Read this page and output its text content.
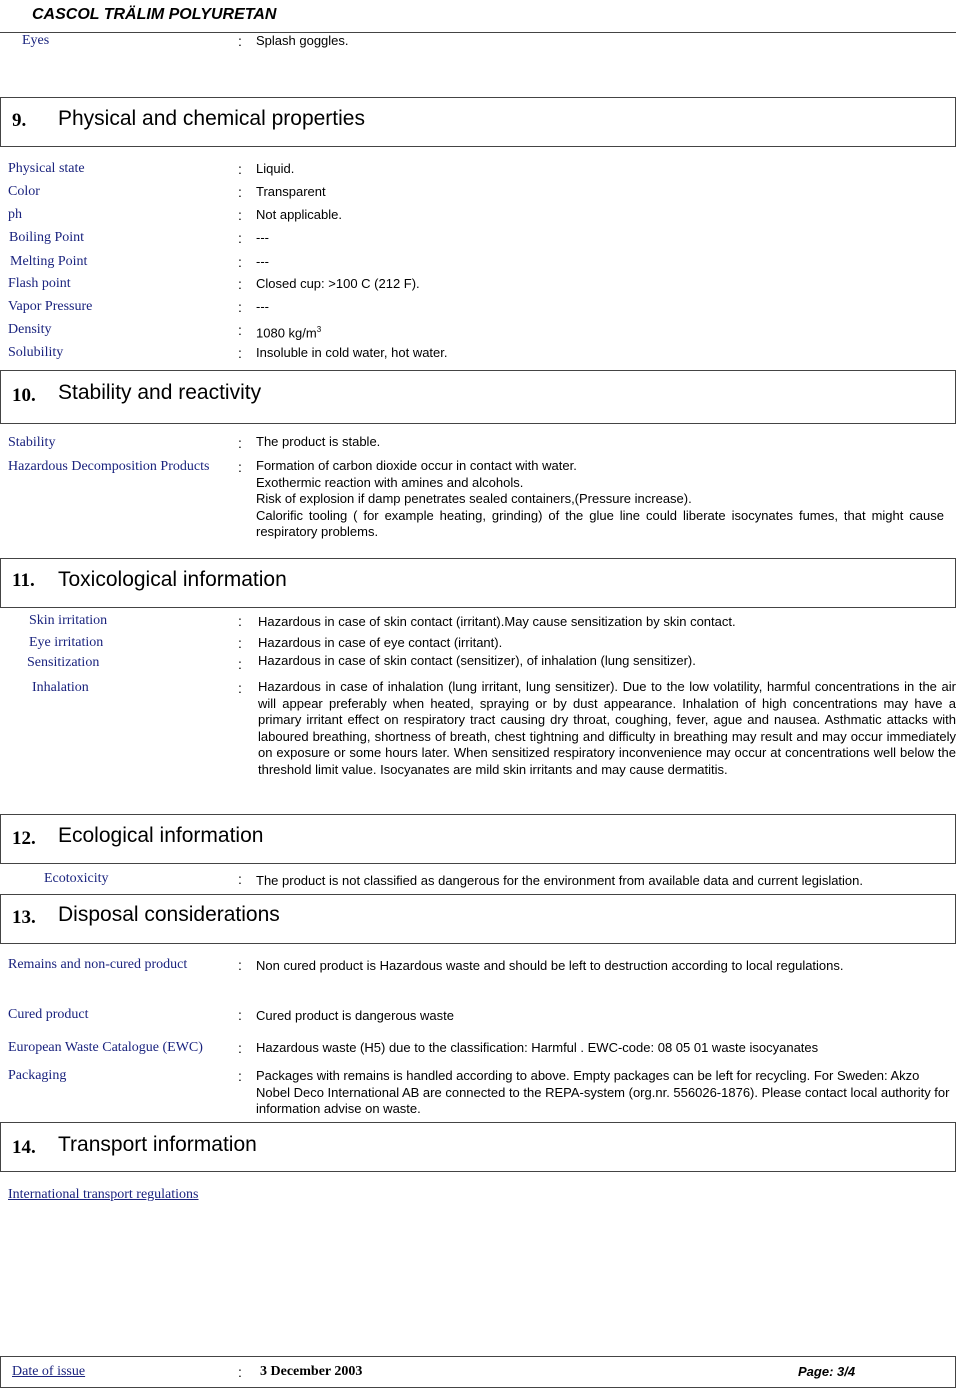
CASCOL TRÄLIM POLYURETAN
Eyes	: Splash goggles.
9. Physical and chemical properties
Physical state	: Liquid.
Color	: Transparent
ph	: Not applicable.
Boiling Point	: ---
Melting Point	: ---
Flash point	: Closed cup: >100 C (212 F).
Vapor Pressure	: ---
Density	: 1080 $kg/m^3$
Solubility	: Insoluble in cold water, hot water.
10. Stability and reactivity
Stability	: The product is stable.
Hazardous Decomposition Products : Formation of carbon dioxide occur in contact with water.
Exothermic reaction with amines and alcohols.
Risk of explosion if damp penetrates sealed containers,(Pressure increase).
Calorific tooling ( for example heating, grinding) of the glue line could liberate isocynates fumes, that might cause respiratory problems.
11. Toxicological information
Skin irritation	: Hazardous in case of skin contact (irritant).May cause sensitization by skin contact.
Eye irritation	: Hazardous in case of eye contact (irritant).
Sensitization	: Hazardous in case of skin contact (sensitizer), of inhalation (lung sensitizer).
Inhalation	: Hazardous in case of inhalation (lung irritant, lung sensitizer). Due to the low volatility, harmful concentrations in the air will appear preferably when heated, spraying or by dust appearance. Inhalation of high concentrations may have a primary irritant effect on respiratory tract causing dry throat, coughing, fever, ague and nausea. Asthmatic attacks with laboured breathing, shortness of breath, chest tightning and difficulty in breathing may result and may occur immediately on exposure or some hours later. When sensitized respiratory inconvenience may occur at concentrations well below the threshold limit value. Isocyanates are mild skin irritants and may cause dermatitis.
12. Ecological information
Ecotoxicity	: The product is not classified as dangerous for the environment from available data and current legislation.
13. Disposal considerations
Remains and non-cured product	: Non cured product is Hazardous waste and should be left to destruction according to local regulations.
Cured product	: Cured product is dangerous waste
European Waste Catalogue (EWC)	: Hazardous waste (H5) due to the classification: Harmful . EWC-code: 08 05 01 waste isocyanates
Packaging	: Packages with remains is handled according to above. Empty packages can be left for recycling. For Sweden: Akzo Nobel Deco International AB are connected to the REPA-system (org.nr. 556026-1876). Please contact local authority for information advise on waste.
14. Transport information
International transport regulations
Date of issue	: 3 December 2003	Page: 3/4
